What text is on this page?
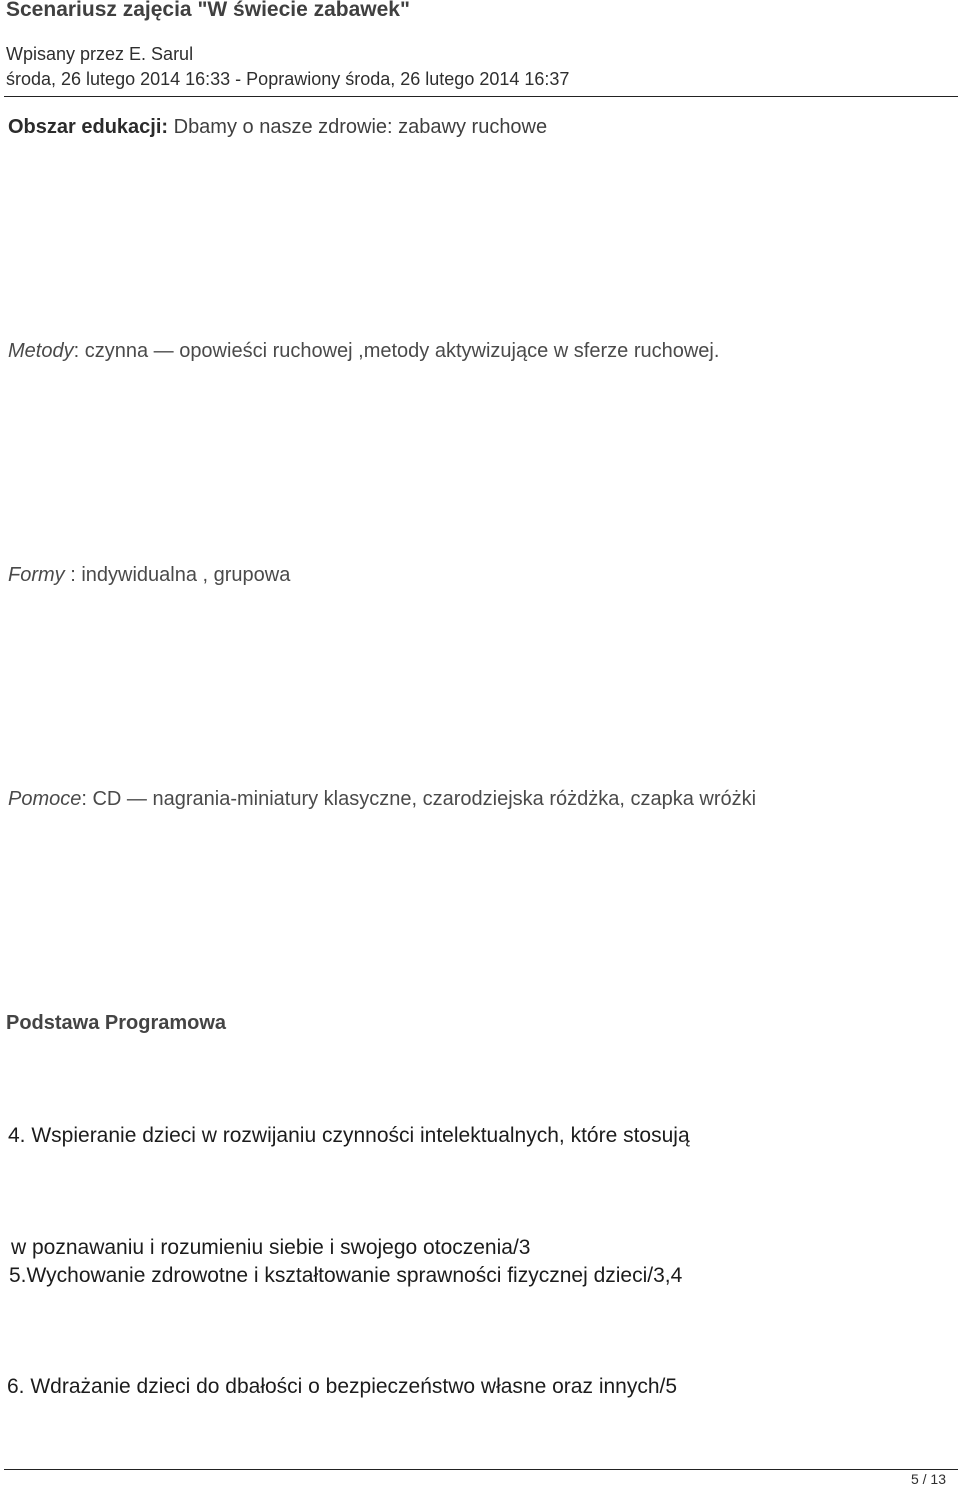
Scenariusz zajęcia "W świecie zabawek"
Wpisany przez E. Sarul
środa, 26 lutego 2014 16:33 - Poprawiony środa, 26 lutego 2014 16:37
Obszar edukacji: Dbamy o nasze zdrowie: zabawy ruchowe
Metody: czynna — opowieści ruchowej ,metody aktywizujące w sferze ruchowej.
Formy : indywidualna , grupowa
Pomoce: CD — nagrania-miniatury klasyczne, czarodziejska różdżka, czapka wróżki
Podstawa Programowa
4. Wspieranie dzieci w rozwijaniu czynności intelektualnych, które stosują
w poznawaniu i rozumieniu siebie i swojego otoczenia/3
5.Wychowanie zdrowotne i kształtowanie sprawności fizycznej dzieci/3,4
6. Wdrażanie dzieci do dbałości o bezpieczeństwo własne oraz innych/5
5 / 13
